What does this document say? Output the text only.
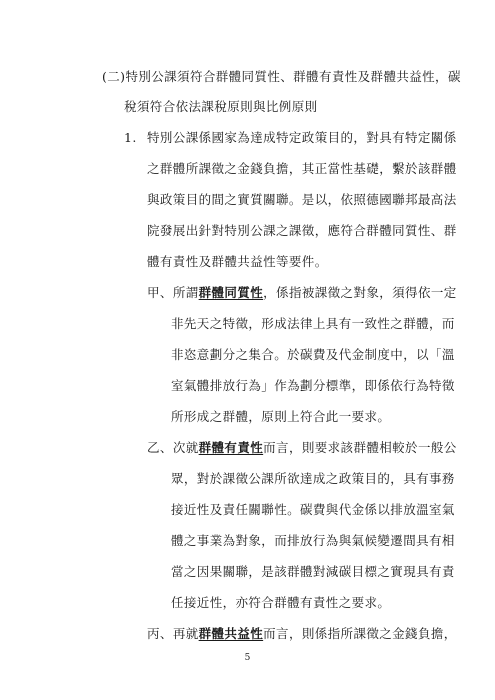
(二)特別公課須符合群體同質性、群體有責性及群體共益性，碳
稅須符合依法課稅原則與比例原則
1. 特別公課係國家為達成特定政策目的，對具有特定關係
之群體所課徵之金錢負擔，其正當性基礎，繫於該群體
與政策目的間之實質關聯。是以，依照德國聯邦最高法
院發展出針對特別公課之課徵，應符合群體同質性、群
體有責性及群體共益性等要件。
甲、所謂群體同質性，係指被課徵之對象，須得依一定
非先天之特徵，形成法律上具有一致性之群體，而
非恣意劃分之集合。於碳費及代金制度中，以「溫
室氣體排放行為」作為劃分標準，即係依行為特徵
所形成之群體，原則上符合此一要求。
乙、次就群體有責性而言，則要求該群體相較於一般公
眾，對於課徵公課所欲達成之政策目的，具有事務
接近性及責任關聯性。碳費與代金係以排放溫室氣
體之事業為對象，而排放行為與氣候變遷間具有相
當之因果關聯，是該群體對減碳目標之實現具有責
任接近性，亦符合群體有責性之要求。
丙、再就群體共益性而言，則係指所課徵之金錢負擔，
5
